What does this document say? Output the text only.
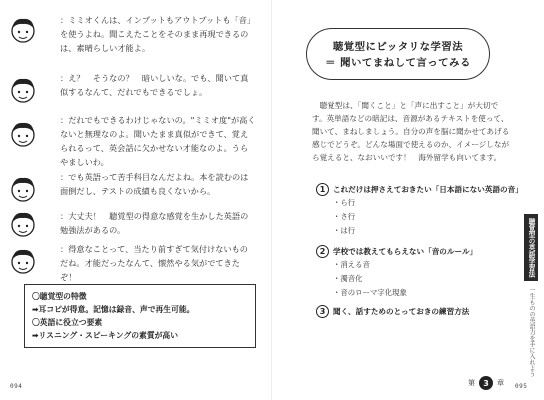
：ミミオくんは、インプットもアウトプットも「音」を使うよね。聞こえたことをそのまま再現できるのは、素晴らしい才能よ。
：え？　そうなの？　暗いしいな。でも、聞いて真似するなんて、だれでもできるでしょ。
：だれでもできるわけじゃないの。"ミミオ度"が高くないと無理なのよ。聞いたまま真似ができて、覚えられるって、英会話に欠かせない才能なのよ。うらやましいわ。
：でも英語って苦手科目なんだよね。本を読むのは面倒だし、テストの成績も良くないから。
：大丈夫！　聴覚型の得意な感覚を生かした英語の勉強法があるの。
：得意なことって、当たり前すぎて気付けないものだね。才能だったなんて、懐然やる気がでてきたぞ！
〇聴覚型の特徴
➡耳コピが得意。記憶は録音、声で再生可能。
〇英語に役立つ要素
➡リスニング・スピーキングの素質が高い
094
聴覚型にピッタリな学習法
＝ 聞いてまねして言ってみる
聴覚型は、「聞くこと」と「声に出すこと」が大切です。英単語などの暗記は、音源があるテキストを使って、聞いて、まねしましょう。自分の声を脳に聞かせてあげる感じでどうぞ。どんな場面で使えるのか、イメージしながら覚えると、なおいいです！　海外留学も向いてます。
1	これだけは押さえておきたい「日本語にない英語の音」
・ら行
・さ行
・は行
2	学校では教えてもらえない「音のルール」
・消える音
・濁音化
・音のローマ字化現象
3	聞く、話すためのとっておきの練習方法
聴覚型の英語学習法
一生ものの英語力を手に入れよう
第	3	章 095
